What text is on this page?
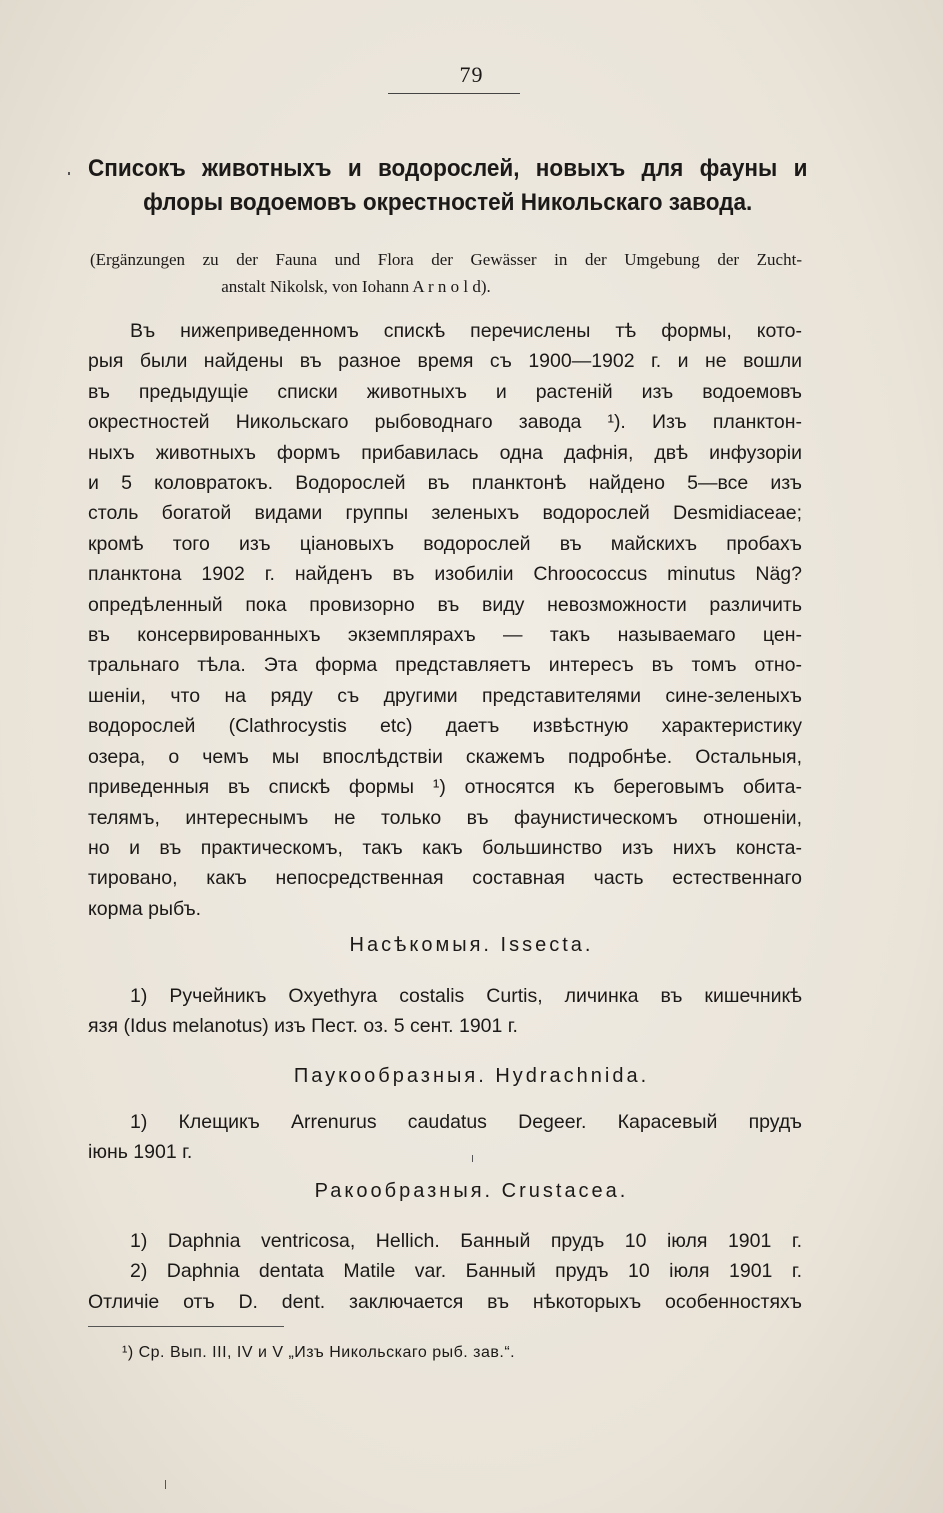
79
Списокъ животныхъ и водорослей, новыхъ для фауны и
флоры водоемовъ окрестностей Никольскаго завода.
(Ergänzungen zu der Fauna und Flora der Gewässer in der Umgebung der Zucht-
anstalt Nikolsk, von Iohann A r n o l d).
Въ нижеприведенномъ спискѣ перечислены тѣ формы, кото-
рыя были найдены въ разное время съ 1900—1902 г. и не вошли
въ предыдущіе списки животныхъ и растеній изъ водоемовъ
окрестностей Никольскаго рыбоводнаго завода ¹). Изъ планктон-
ныхъ животныхъ формъ прибавилась одна дафнія, двѣ инфузоріи
и 5 коловратокъ. Водорослей въ планктонѣ найдено 5—все изъ
столь богатой видами группы зеленыхъ водорослей Desmidiaceae;
кромѣ того изъ ціановыхъ водорослей въ майскихъ пробахъ
планктона 1902 г. найденъ въ изобиліи Chroococcus minutus Näg?
опредѣленный пока провизорно въ виду невозможности различить
въ консервированныхъ экземплярахъ — такъ называемаго цен-
тральнаго тѣла. Эта форма представляетъ интересъ въ томъ отно-
шеніи, что на ряду съ другими представителями сине-зеленыхъ
водорослей (Clathrocystis etc) даетъ извѣстную характеристику
озера, о чемъ мы впослѣдствіи скажемъ подробнѣе. Остальныя,
приведенныя въ спискѣ формы ¹) относятся къ береговымъ обита-
телямъ, интереснымъ не только въ фаунистическомъ отношеніи,
но и въ практическомъ, такъ какъ большинство изъ нихъ конста-
тировано, какъ непосредственная составная часть естественнаго
корма рыбъ.
Насѣкомыя. Issecta.
1) Ручейникъ Oxyethyra costalis Curtis, личинка въ кишечникѣ
язя (Idus melanotus) изъ Пест. оз. 5 сент. 1901 г.
Паукообразныя. Hydrachnida.
1) Клещикъ Arrenurus caudatus Degeer. Карасевый прудъ
іюнь 1901 г.
Ракообразныя. Crustacea.
1) Daphnia ventricosa, Hellich. Банный прудъ 10 іюля 1901 г.
2) Daphnia dentata Matile var. Банный прудъ 10 іюля 1901 г.
Отличіе отъ D. dent. заключается въ нѣкоторыхъ особенностяхъ
¹) Ср. Вып. III, IV и V „Изъ Никольскаго рыб. зав.“.
